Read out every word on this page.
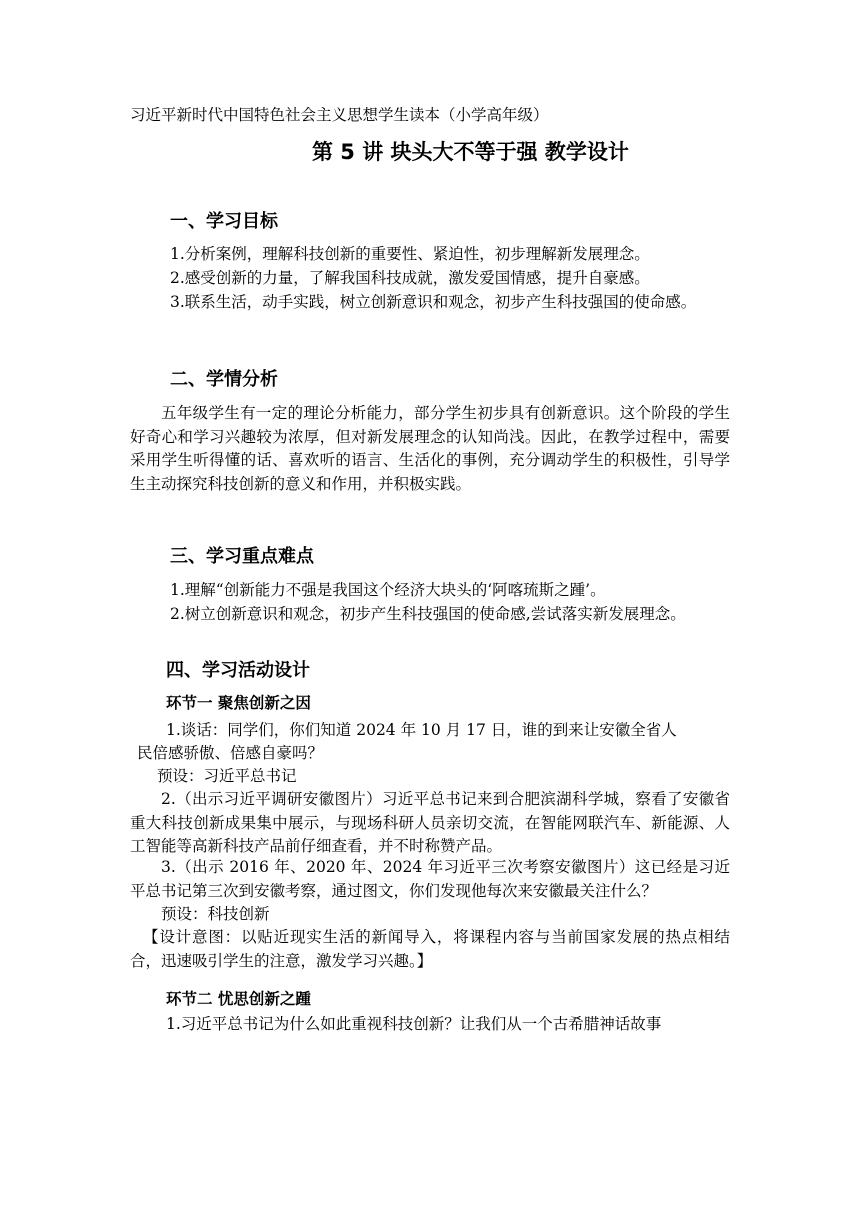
习近平新时代中国特色社会主义思想学生读本（小学高年级）
第 5 讲 块头大不等于强 教学设计
一、学习目标
1.分析案例，理解科技创新的重要性、紧迫性，初步理解新发展理念。
2.感受创新的力量，了解我国科技成就，激发爱国情感，提升自豪感。
3.联系生活，动手实践，树立创新意识和观念，初步产生科技强国的使命感。
二、学情分析
五年级学生有一定的理论分析能力，部分学生初步具有创新意识。这个阶段的学生好奇心和学习兴趣较为浓厚，但对新发展理念的认知尚浅。因此，在教学过程中，需要采用学生听得懂的话、喜欢听的语言、生活化的事例，充分调动学生的积极性，引导学生主动探究科技创新的意义和作用，并积极实践。
三、学习重点难点
1.理解“创新能力不强是我国这个经济大块头的‘阿喀琉斯之踵’。
2.树立创新意识和观念，初步产生科技强国的使命感,尝试落实新发展理念。
四、学习活动设计
环节一 聚焦创新之因
1.谈话：同学们，你们知道 2024 年 10 月 17 日，谁的到来让安徽全省人
民倍感骄傲、倍感自豪吗？
预设：习近平总书记
2.（出示习近平调研安徽图片）习近平总书记来到合肥滨湖科学城，察看了安徽省重大科技创新成果集中展示，与现场科研人员亲切交流，在智能网联汽车、新能源、人工智能等高新科技产品前仔细查看，并不时称赞产品。
3.（出示 2016 年、2020 年、2024 年习近平三次考察安徽图片）这已经是习近平总书记第三次到安徽考察，通过图文，你们发现他每次来安徽最关注什么？
预设：科技创新
【设计意图：以贴近现实生活的新闻导入，将课程内容与当前国家发展的热点相结合，迅速吸引学生的注意，激发学习兴趣。】
环节二 忧思创新之踵
1.习近平总书记为什么如此重视科技创新？让我们从一个古希腊神话故事
